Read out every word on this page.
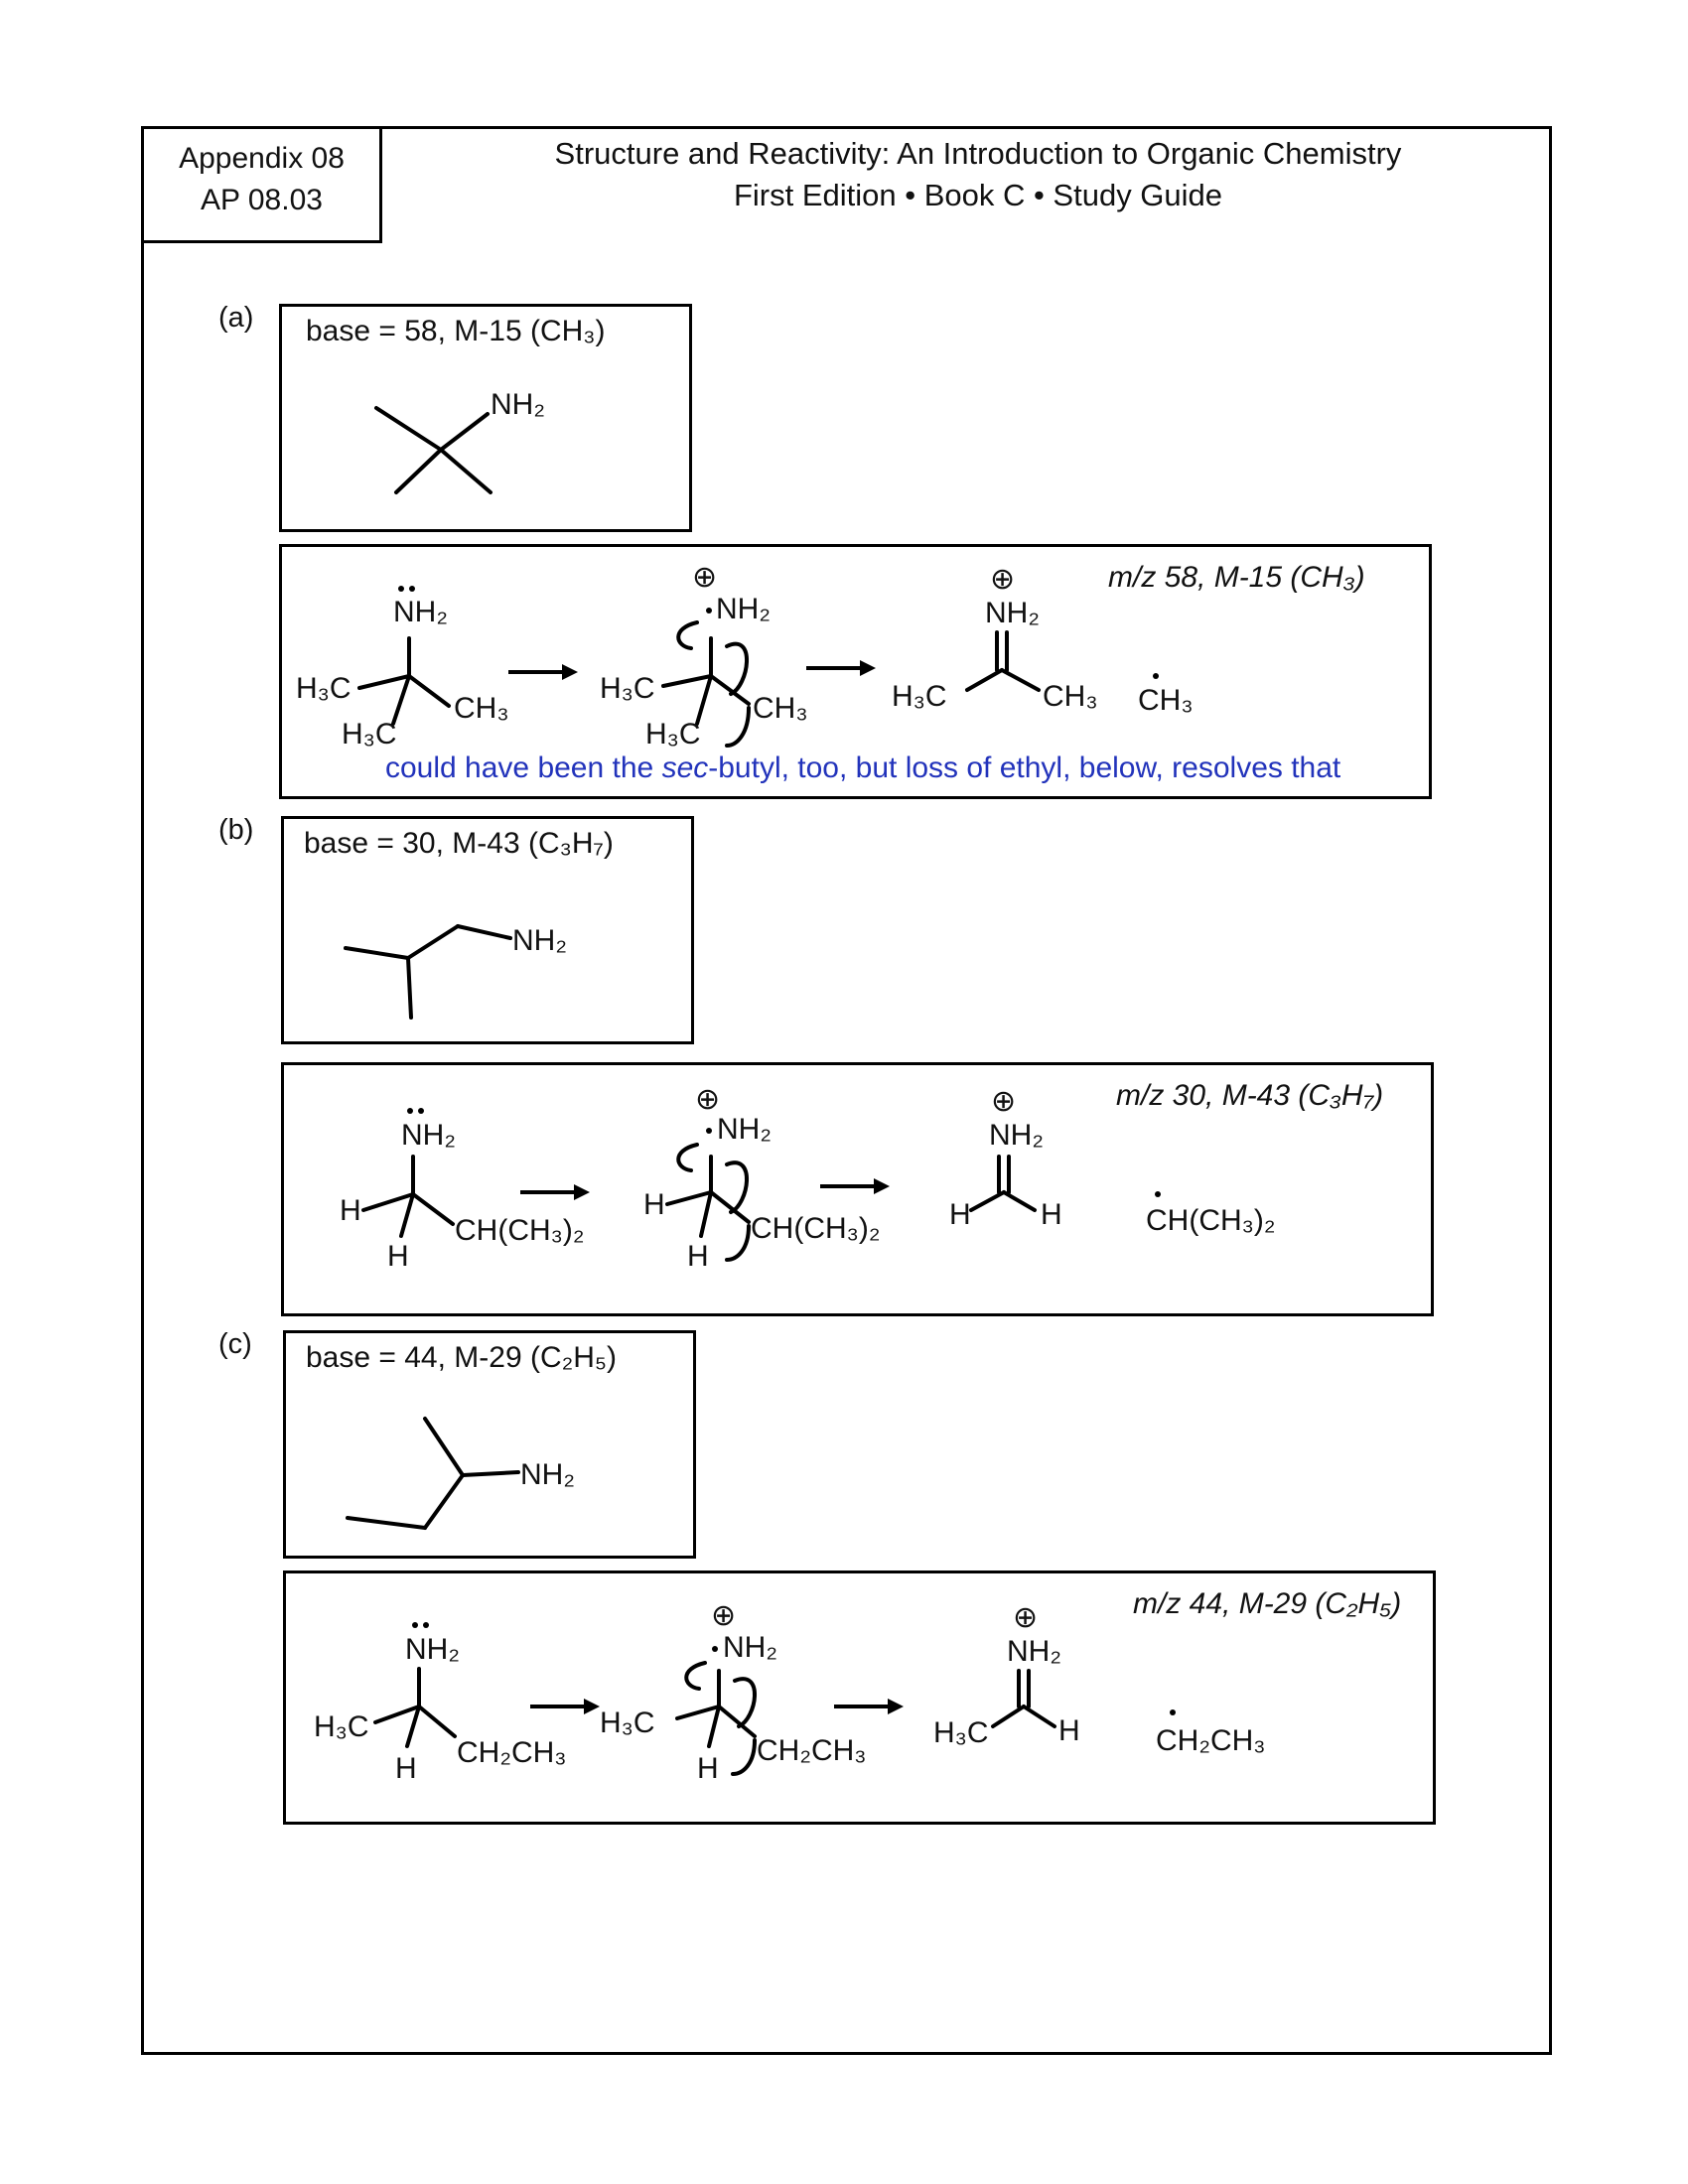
Appendix 08
AP 08.03
Structure and Reactivity: An Introduction to Organic Chemistry
First Edition • Book C • Study Guide
(a) base = 58, M-15 (CH₃)
NH₂
m/z 58, M-15 (CH₃)
NH₂
H₃C
CH₃
H₃C
⊕
NH₂
H₃C
CH₃
H₃C
⊕
NH₂
H₃C	CH₃ CH₃
could have been the sec-butyl, too, but loss of ethyl, below, resolves that
(b) base = 30, M-43 (C₃H₇)
NH₂
m/z 30, M-43 (C₃H₇)
NH₂
H
CH(CH₃)₂
H
⊕
NH₂
H
CH(CH₃)₂
H
⊕
NH₂
H H	CH(CH₃)₂
(c) base = 44, M-29 (C₂H₅)
NH₂
m/z 44, M-29 (C₂H₅)
NH₂
H₃C
CH₂CH₃
H
⊕
NH₂
H₃C
CH₂CH₃
H
⊕
NH₂
H₃C H	CH₂CH₃
